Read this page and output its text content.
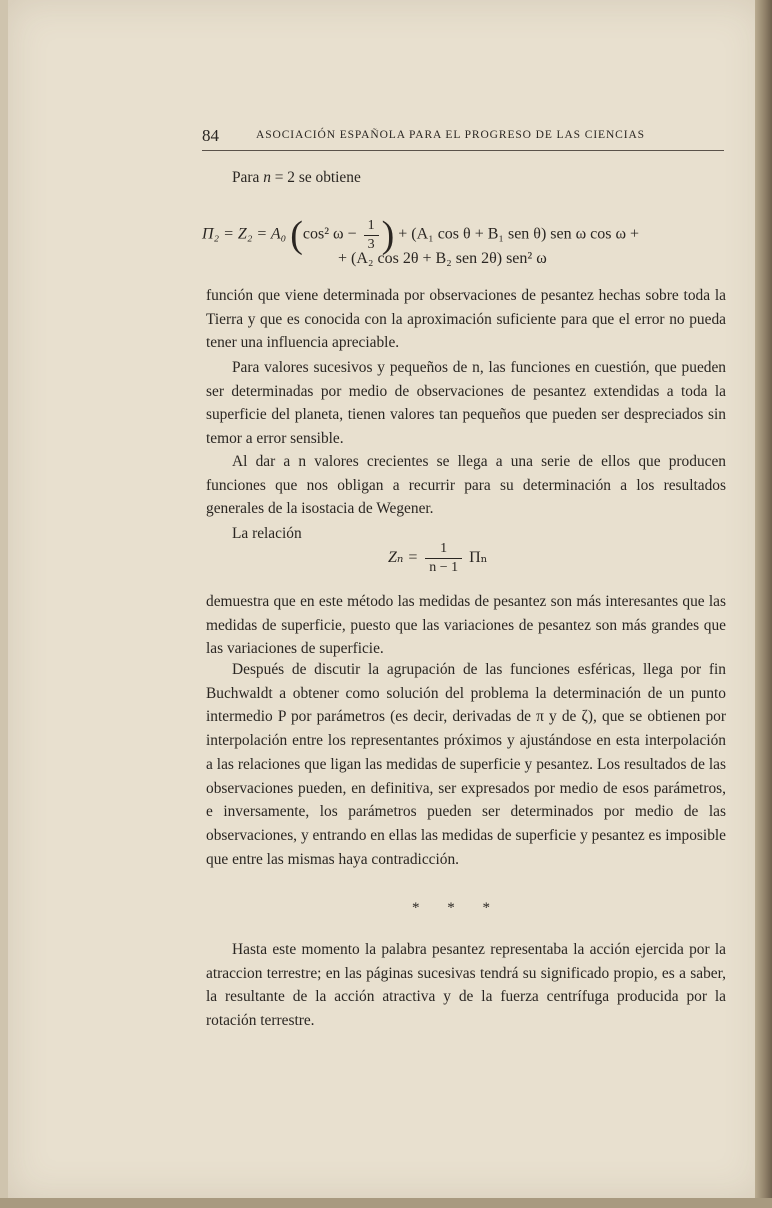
84	ASOCIACIÓN ESPAÑOLA PARA EL PROGRESO DE LAS CIENCIAS

Para n = 2 se obtiene

Π₂ = Z₂ = A₀ (cos² $\omega - \frac{1}{3}$ ) + (A₁ cos θ + B₁ sen θ) sen ω cos ω +
+ (A₂ cos 2θ + B₂ sen 2θ) sen² ω

función que viene determinada por observaciones de pesantez hechas sobre toda la Tierra y que es conocida con la aproximación suficiente para que el error no pueda tener una influencia apreciable.

Para valores sucesivos y pequeños de n, las funciones en cuestión, que pueden ser determinadas por medio de observaciones de pesantez extendidas a toda la superficie del planeta, tienen valores tan pequeños que pueden ser despreciados sin temor a error sensible.

Al dar a n valores crecientes se llega a una serie de ellos que producen funciones que nos obligan a recurrir para su determinación a los resultados generales de la isostacia de Wegener.

La relación

$Z_n = \frac{1}{n - 1}$ Πₙ

demuestra que en este método las medidas de pesantez son más interesantes que las medidas de superficie, puesto que las variaciones de pesantez son más grandes que las variaciones de superficie.

Después de discutir la agrupación de las funciones esféricas, llega por fin Buchwaldt a obtener como solución del problema la determinación de un punto intermedio P por parámetros (es decir, derivadas de π y de ζ), que se obtienen por interpolación entre los representantes próximos y ajustándose en esta interpolación a las relaciones que ligan las medidas de superficie y pesantez. Los resultados de las observaciones pueden, en definitiva, ser expresados por medio de esos parámetros, e inversamente, los parámetros pueden ser determinados por medio de las observaciones, y entrando en ellas las medidas de superficie y pesantez es imposible que entre las mismas haya contradicción.

* * *

Hasta este momento la palabra pesantez representaba la acción ejercida por la atraccion terrestre; en las páginas sucesivas tendrá su significado propio, es a saber, la resultante de la acción atractiva y de la fuerza centrífuga producida por la rotación terrestre.
